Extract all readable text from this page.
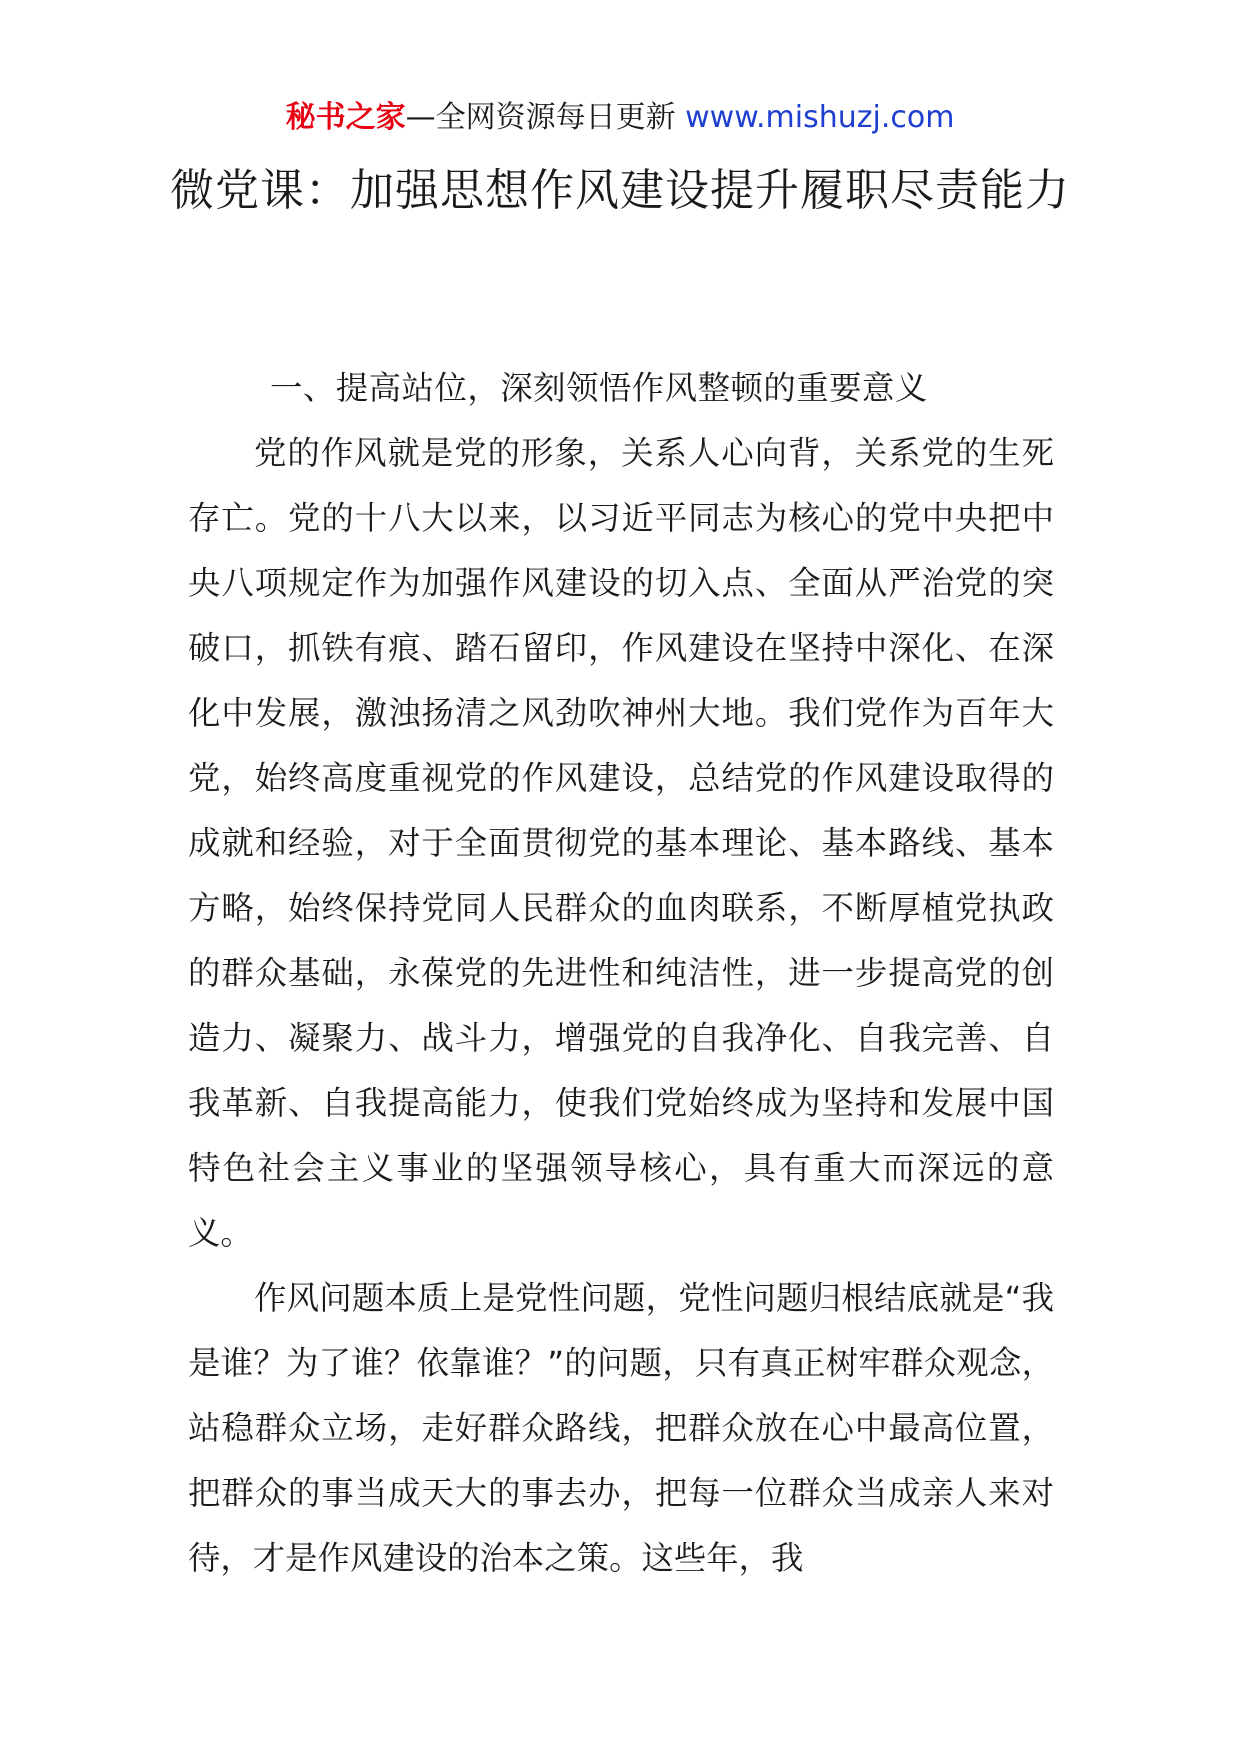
秘书之家—全网资源每日更新 www.mishuzj.com
微党课：加强思想作风建设提升履职尽责能力

一、提高站位，深刻领悟作风整顿的重要意义

党的作风就是党的形象，关系人心向背，关系党的生死存亡。党的十八大以来，以习近平同志为核心的党中央把中央八项规定作为加强作风建设的切入点、全面从严治党的突破口，抓铁有痕、踏石留印，作风建设在坚持中深化、在深化中发展，激浊扬清之风劲吹神州大地。我们党作为百年大党，始终高度重视党的作风建设，总结党的作风建设取得的成就和经验，对于全面贯彻党的基本理论、基本路线、基本方略，始终保持党同人民群众的血肉联系，不断厚植党执政的群众基础，永葆党的先进性和纯洁性，进一步提高党的创造力、凝聚力、战斗力，增强党的自我净化、自我完善、自我革新、自我提高能力，使我们党始终成为坚持和发展中国特色社会主义事业的坚强领导核心，具有重大而深远的意义。

作风问题本质上是党性问题，党性问题归根结底就是“我是谁？为了谁？依靠谁？”的问题，只有真正树牢群众观念，站稳群众立场，走好群众路线，把群众放在心中最高位置，把群众的事当成天大的事去办，把每一位群众当成亲人来对待，才是作风建设的治本之策。这些年，我
